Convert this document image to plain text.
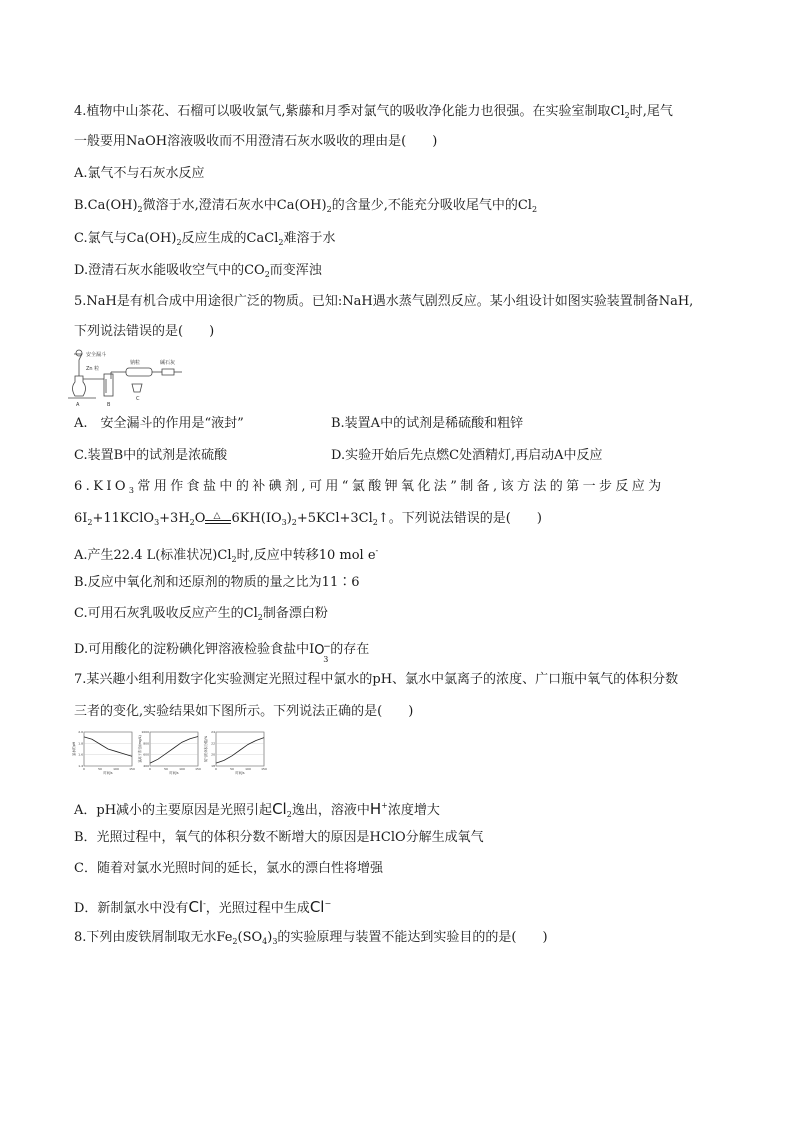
4.植物中山茶花、石榴可以吸收氯气,紫藤和月季对氯气的吸收净化能力也很强。在实验室制取$Cl_2$时,尾气
一般要用NaOH溶液吸收而不用澄清石灰水吸收的理由是(　　)
A.氯气不与石灰水反应
$B.Ca(OH)_2$微溶于水,澄清石灰水中$Ca(OH)_2$的含量少,不能充分吸收尾气中的$Cl_2$
C.氯气与$Ca(OH)_2$反应生成的CaCl$_2$难溶于水
D.澄清石灰水能吸收空气中的$CO_2$而变浑浊
5.NaH是有机合成中用途很广泛的物质。已知:NaH遇水蒸气剧烈反应。某小组设计如图实验装置制备NaH,
下列说法错误的是(　　)
安全漏斗
Zn 粒
钠粒	碱石灰
A	B
C
A.　安全漏斗的作用是“液封”	B.装置A中的试剂是稀硫酸和粗锌
C.装置B中的试剂是浓硫酸	D.实验开始后先点燃C处酒精灯,再启动A中反应
$6.KIO_3$常用作食盐中的补碘剂,可用“氯酸钾氧化法”制备,该方法的第一步反应为
$6I_2+11KClO_3+3H_2O$ △ $6KH(IO_3)_2+5KCl+3Cl_2↑$。下列说法错误的是(　　)
A.产生22.4 L(标准状况)$Cl_2$时,反应中转移10 mol e-
B.反应中氧化剂和还原剂的物质的量之比为11∶6
C.可用石灰乳吸收反应产生的$Cl_2$制备漂白粉
D.可用酸化的淀粉碘化钾溶液检验食盐中I O
−
3
的存在
7.某兴趣小组利用数字化实验测定光照过程中氯水的pH、氯水中氯离子的浓度、广口瓶中氧气的体积分数
三者的变化,实验结果如下图所示。下列说法正确的是(　　)
氯水的pH
2.0
1.8
1.6
1.4
0	50	100	150
时间/s
氯离子浓度/(mg/L)
1000
800
600
400
0	50	100	150
时间/s
氧气的体积分数/%
24
22
20
18
0	50	100	150
时间/s
A．pH减小的主要原因是光照引起$Cl_2$逸出，溶液中H+浓度增大
B．光照过程中，氧气的体积分数不断增大的原因是HClO分解生成氧气
C．随着对氯水光照时间的延长，氯水的漂白性将增强
D．新制氯水中没有Cl-，光照过程中生成Cl−
8.下列由废铁屑制取无水$Fe_2(SO_4)_3$的实验原理与装置不能达到实验目的的是(　　)
